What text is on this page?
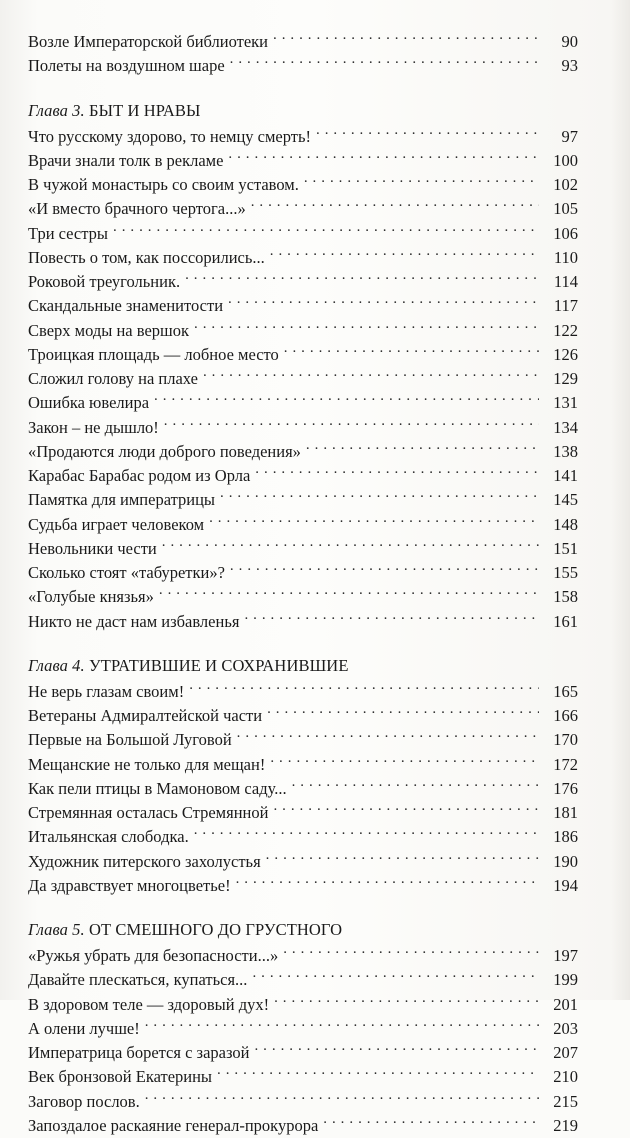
Возле Императорской библиотеки . . .	90
Полеты на воздушном шаре . . .	93
Глава 3. БЫТ И НРАВЫ
Что русскому здорово, то немцу смерть! . . .	97
Врачи знали толк в рекламе . . .	100
В чужой монастырь со своим уставом. . . .	102
«И вместо брачного чертога...» . . .	105
Три сестры . . .	106
Повесть о том, как поссорились... . . .	110
Роковой треугольник. . . .	114
Скандальные знаменитости . . .	117
Сверх моды на вершок . . .	122
Троицкая площадь — лобное место . . .	126
Сложил голову на плахе . . .	129
Ошибка ювелира . . .	131
Закон – не дышло! . . .	134
«Продаются люди доброго поведения» . . .	138
Карабас Барабас родом из Орла . . .	141
Памятка для императрицы . . .	145
Судьба играет человеком . . .	148
Невольники чести . . .	151
Сколько стоят «табуретки»? . . .	155
«Голубые князья» . . .	158
Никто не даст нам избавленья . . .	161
Глава 4. УТРАТИВШИЕ И СОХРАНИВШИЕ
Не верь глазам своим! . . .	165
Ветераны Адмиралтейской части . . .	166
Первые на Большой Луговой . . .	170
Мещанские не только для мещан! . . .	172
Как пели птицы в Мамоновом саду... . . .	176
Стремянная осталась Стремянной . . .	181
Итальянская слободка. . . .	186
Художник питерского захолустья . . .	190
Да здравствует многоцветье! . . .	194
Глава 5. ОТ СМЕШНОГО ДО ГРУСТНОГО
«Ружья убрать для безопасности...» . . .	197
Давайте плескаться, купаться... . . .	199
В здоровом теле — здоровый дух! . . .	201
А олени лучше! . . .	203
Императрица борется с заразой . . .	207
Век бронзовой Екатерины . . .	210
Заговор послов. . . .	215
Запоздалое раскаяние генерал-прокурора . . .	219
